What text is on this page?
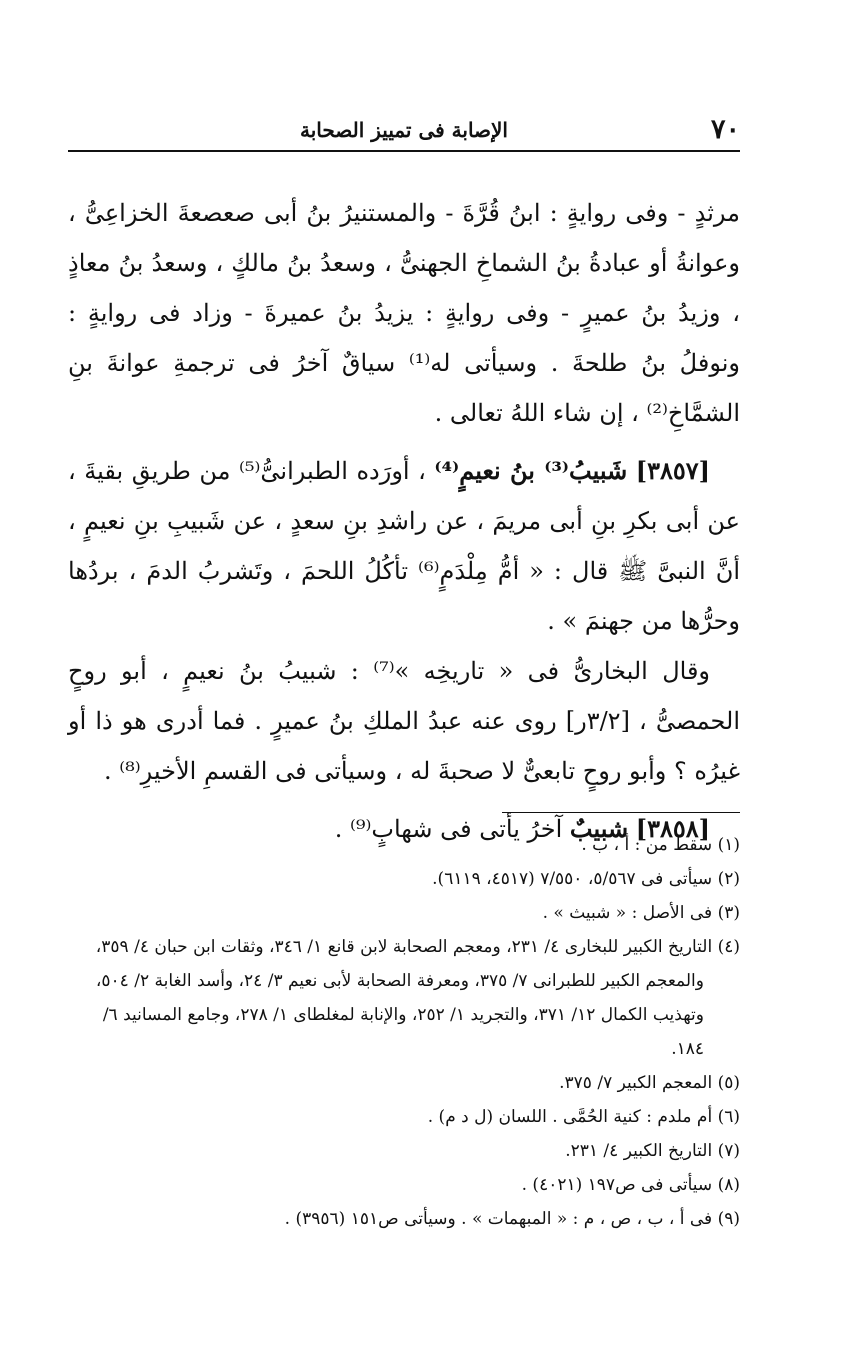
٧٠
الإصابة فى تمييز الصحابة

مرثدٍ - وفى روايةٍ : ابنُ قُرَّةَ - والمستنيرُ بنُ أبى صعصعةَ الخزاعِىُّ ، وعوانةُ أو عبادةُ بنُ الشماخِ الجهنىُّ ، وسعدُ بنُ مالكٍ ، وسعدُ بنُ معاذٍ ، وزيدُ بنُ عميرٍ - وفى روايةٍ : يزيدُ بنُ عميرةَ - وزاد فى روايةٍ : ونوفلُ بنُ طلحةَ . وسيأتى له⁽¹⁾ سياقٌ آخرُ فى ترجمةِ عوانةَ بنِ الشمَّاخِ⁽²⁾ ، إن شاء اللهُ تعالى .

[٣٨٥٧] شَبيبُ⁽³⁾ بنُ نعيمٍ⁽⁴⁾ ، أورَده الطبرانىُّ⁽⁵⁾ من طريقِ بقيةَ ، عن أبى بكرِ بنِ أبى مريمَ ، عن راشدِ بنِ سعدٍ ، عن شَبيبِ بنِ نعيمٍ ، أنَّ النبىَّ ﷺ قال : « أمُّ مِلْدَمٍ⁽⁶⁾ تأكُلُ اللحمَ ، وتَشربُ الدمَ ، بردُها وحرُّها من جهنمَ » .

وقال البخارىُّ فى « تاريخِه »⁽⁷⁾ : شبيبُ بنُ نعيمٍ ، أبو روحٍ الحمصىُّ ، [٣/٢ر] روى عنه عبدُ الملكِ بنُ عميرٍ . فما أدرى هو ذا أو غيرُه ؟ وأبو روحٍ تابعىٌّ لا صحبةَ له ، وسيأتى فى القسمِ الأخيرِ⁽⁸⁾ .

[٣٨٥٨] شبيبٌ آخرُ يأتى فى شهابٍ⁽⁹⁾ .

(١) سقط من : أ ، ب .

(٢) سيأتى فى ٥/٥٦٧، ٧/٥٥٠ (٤٥١٧، ٦١١٩).

(٣) فى الأصل : « شبيث » .

(٤) التاريخ الكبير للبخارى ٤/ ٢٣١، ومعجم الصحابة لابن قانع ١/ ٣٤٦، وثقات ابن حبان ٤/ ٣٥٩، والمعجم الكبير للطبرانى ٧/ ٣٧٥، ومعرفة الصحابة لأبى نعيم ٣/ ٢٤، وأسد الغابة ٢/ ٥٠٤، وتهذيب الكمال ١٢/ ٣٧١، والتجريد ١/ ٢٥٢، والإنابة لمغلطاى ١/ ٢٧٨، وجامع المسانيد ٦/ ١٨٤.

(٥) المعجم الكبير ٧/ ٣٧٥.

(٦) أم ملدم : كنية الحُمَّى . اللسان (ل د م) .

(٧) التاريخ الكبير ٤/ ٢٣١.

(٨) سيأتى فى ص١٩٧ (٤٠٢١) .

(٩) فى أ ، ب ، ص ، م : « المبهمات » . وسيأتى ص١٥١ (٣٩٥٦) .
